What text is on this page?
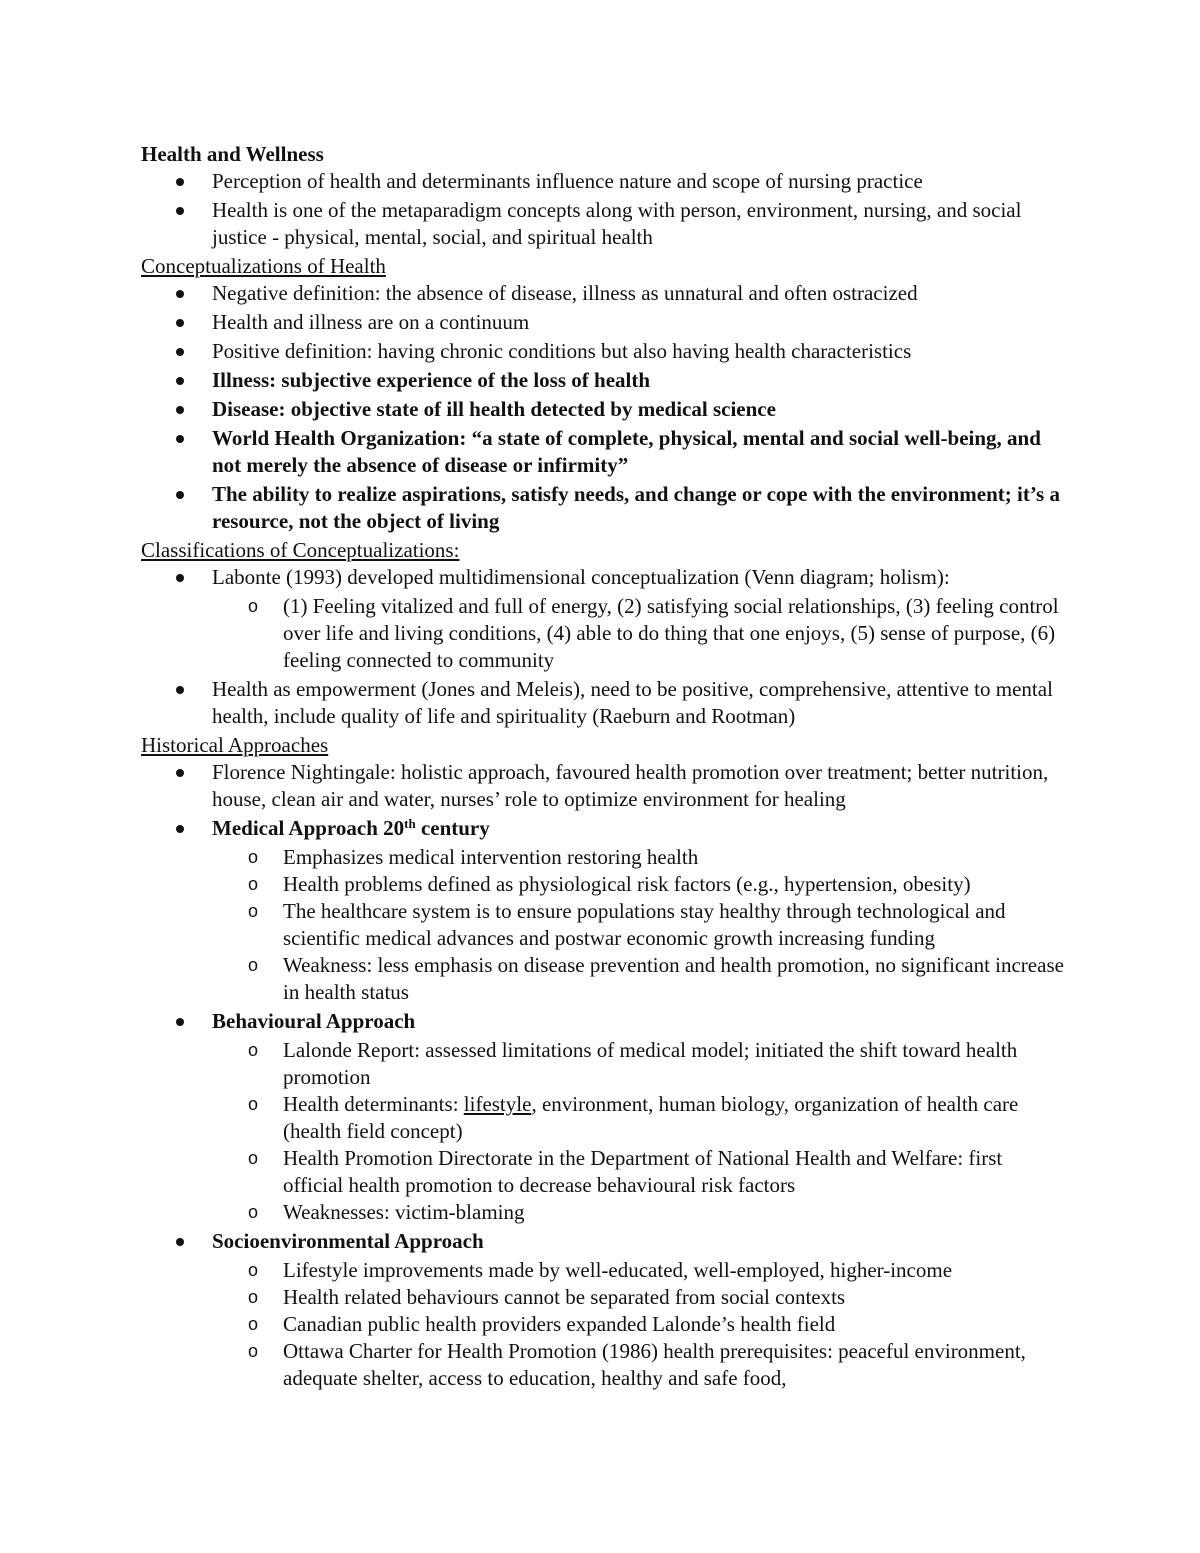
Health and Wellness

Perception of health and determinants influence nature and scope of nursing practice
Health is one of the metaparadigm concepts along with person, environment, nursing, and social justice - physical, mental, social, and spiritual health

Conceptualizations of Health

Negative definition: the absence of disease, illness as unnatural and often ostracized
Health and illness are on a continuum
Positive definition: having chronic conditions but also having health characteristics
Illness: subjective experience of the loss of health
Disease: objective state of ill health detected by medical science
World Health Organization: “a state of complete, physical, mental and social well-being, and not merely the absence of disease or infirmity”
The ability to realize aspirations, satisfy needs, and change or cope with the environment; it’s a resource, not the object of living

Classifications of Conceptualizations:

Labonte (1993) developed multidimensional conceptualization (Venn diagram; holism):
o (1) Feeling vitalized and full of energy, (2) satisfying social relationships, (3) feeling control over life and living conditions, (4) able to do thing that one enjoys, (5) sense of purpose, (6) feeling connected to community
Health as empowerment (Jones and Meleis), need to be positive, comprehensive, attentive to mental health, include quality of life and spirituality (Raeburn and Rootman)

Historical Approaches

Florence Nightingale: holistic approach, favoured health promotion over treatment; better nutrition, house, clean air and water, nurses’ role to optimize environment for healing
Medical Approach 20th century
o Emphasizes medical intervention restoring health
o Health problems defined as physiological risk factors (e.g., hypertension, obesity)
o The healthcare system is to ensure populations stay healthy through technological and scientific medical advances and postwar economic growth increasing funding
o Weakness: less emphasis on disease prevention and health promotion, no significant increase in health status
Behavioural Approach
o Lalonde Report: assessed limitations of medical model; initiated the shift toward health promotion
o Health determinants: lifestyle, environment, human biology, organization of health care (health field concept)
o Health Promotion Directorate in the Department of National Health and Welfare: first official health promotion to decrease behavioural risk factors
o Weaknesses: victim-blaming
Socioenvironmental Approach
o Lifestyle improvements made by well-educated, well-employed, higher-income
o Health related behaviours cannot be separated from social contexts
o Canadian public health providers expanded Lalonde’s health field
o Ottawa Charter for Health Promotion (1986) health prerequisites: peaceful environment, adequate shelter, access to education, healthy and safe food,
